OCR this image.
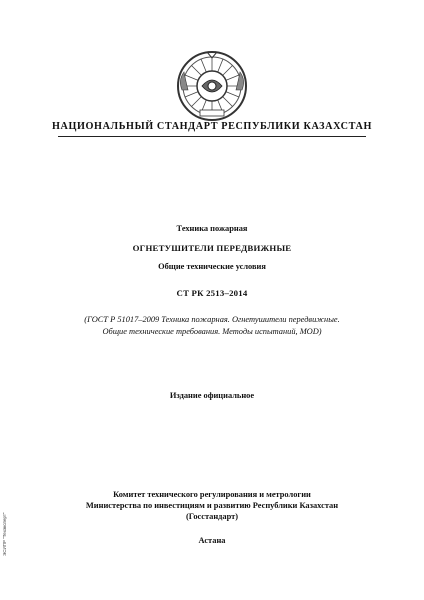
НАЦИОНАЛЬНЫЙ СТАНДАРТ РЕСПУБЛИКИ КАЗАХСТАН
Техника пожарная
ОГНЕТУШИТЕЛИ ПЕРЕДВИЖНЫЕ
Общие технические условия
СТ РК 2513–2014
(ГОСТ Р 51017–2009 Техника пожарная. Огнетушители передвижные.
Общие технические требования. Методы испытаний, MOD)
Издание официальное
Комитет технического регулирования и метрологии
Министерства по инвестициям и развитию Республики Казахстан
(Госстандарт)
Астана
ЭСИПР "Техэксперт"
